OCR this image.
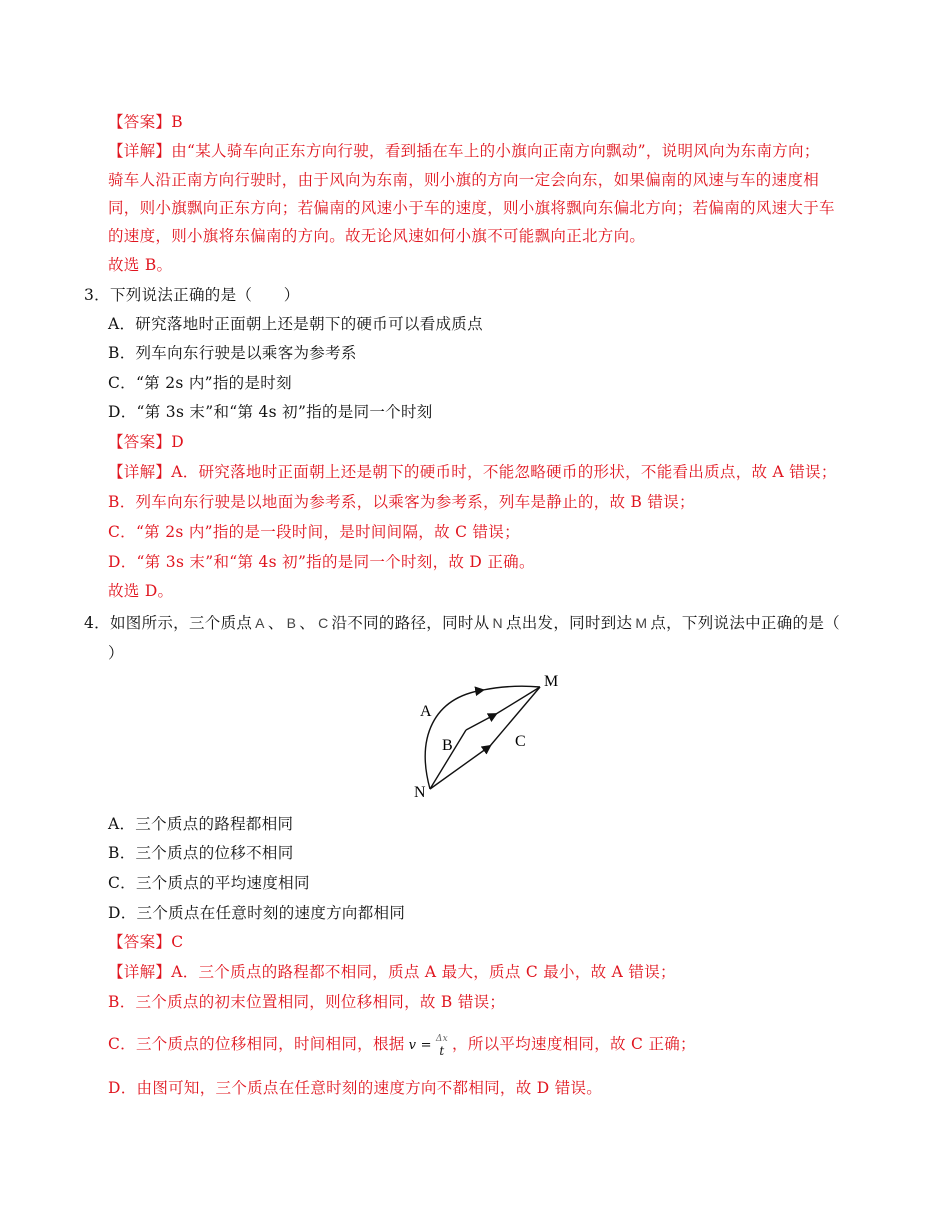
【答案】B
【详解】由“某人骑车向正东方向行驶，看到插在车上的小旗向正南方向飘动”，说明风向为东南方向；
骑车人沿正南方向行驶时，由于风向为东南，则小旗的方向一定会向东，如果偏南的风速与车的速度相
同，则小旗飘向正东方向；若偏南的风速小于车的速度，则小旗将飘向东偏北方向；若偏南的风速大于车
的速度，则小旗将东偏南的方向。故无论风速如何小旗不可能飘向正北方向。
故选 B。
3．下列说法正确的是（　　）
A．研究落地时正面朝上还是朝下的硬币可以看成质点
B．列车向东行驶是以乘客为参考系
C．“第 2s 内”指的是时刻
D．“第 3s 末”和“第 4s 初”指的是同一个时刻
【答案】D
【详解】A．研究落地时正面朝上还是朝下的硬币时，不能忽略硬币的形状，不能看出质点，故 A 错误；
B．列车向东行驶是以地面为参考系，以乘客为参考系，列车是静止的，故 B 错误；
C．“第 2s 内”指的是一段时间，是时间间隔，故 C 错误；
D．“第 3s 末”和“第 4s 初”指的是同一个时刻，故 D 正确。
故选 D。
4．如图所示，三个质点 A 、 B 、 C 沿不同的路径，同时从 N 点出发，同时到达 M 点，下列说法中正确的是（
）
A
B	C
M
N
A．三个质点的路程都相同
B．三个质点的位移不相同
C．三个质点的平均速度相同
D．三个质点在任意时刻的速度方向都相同
【答案】C
【详解】A．三个质点的路程都不相同，质点 A 最大，质点 C 最小，故 A 错误；
B．三个质点的初末位置相同，则位移相同，故 B 错误；
C．三个质点的位移相同，时间相同，根据 v = Δx
t ，所以平均速度相同，故 C 正确；
D．由图可知，三个质点在任意时刻的速度方向不都相同，故 D 错误。
